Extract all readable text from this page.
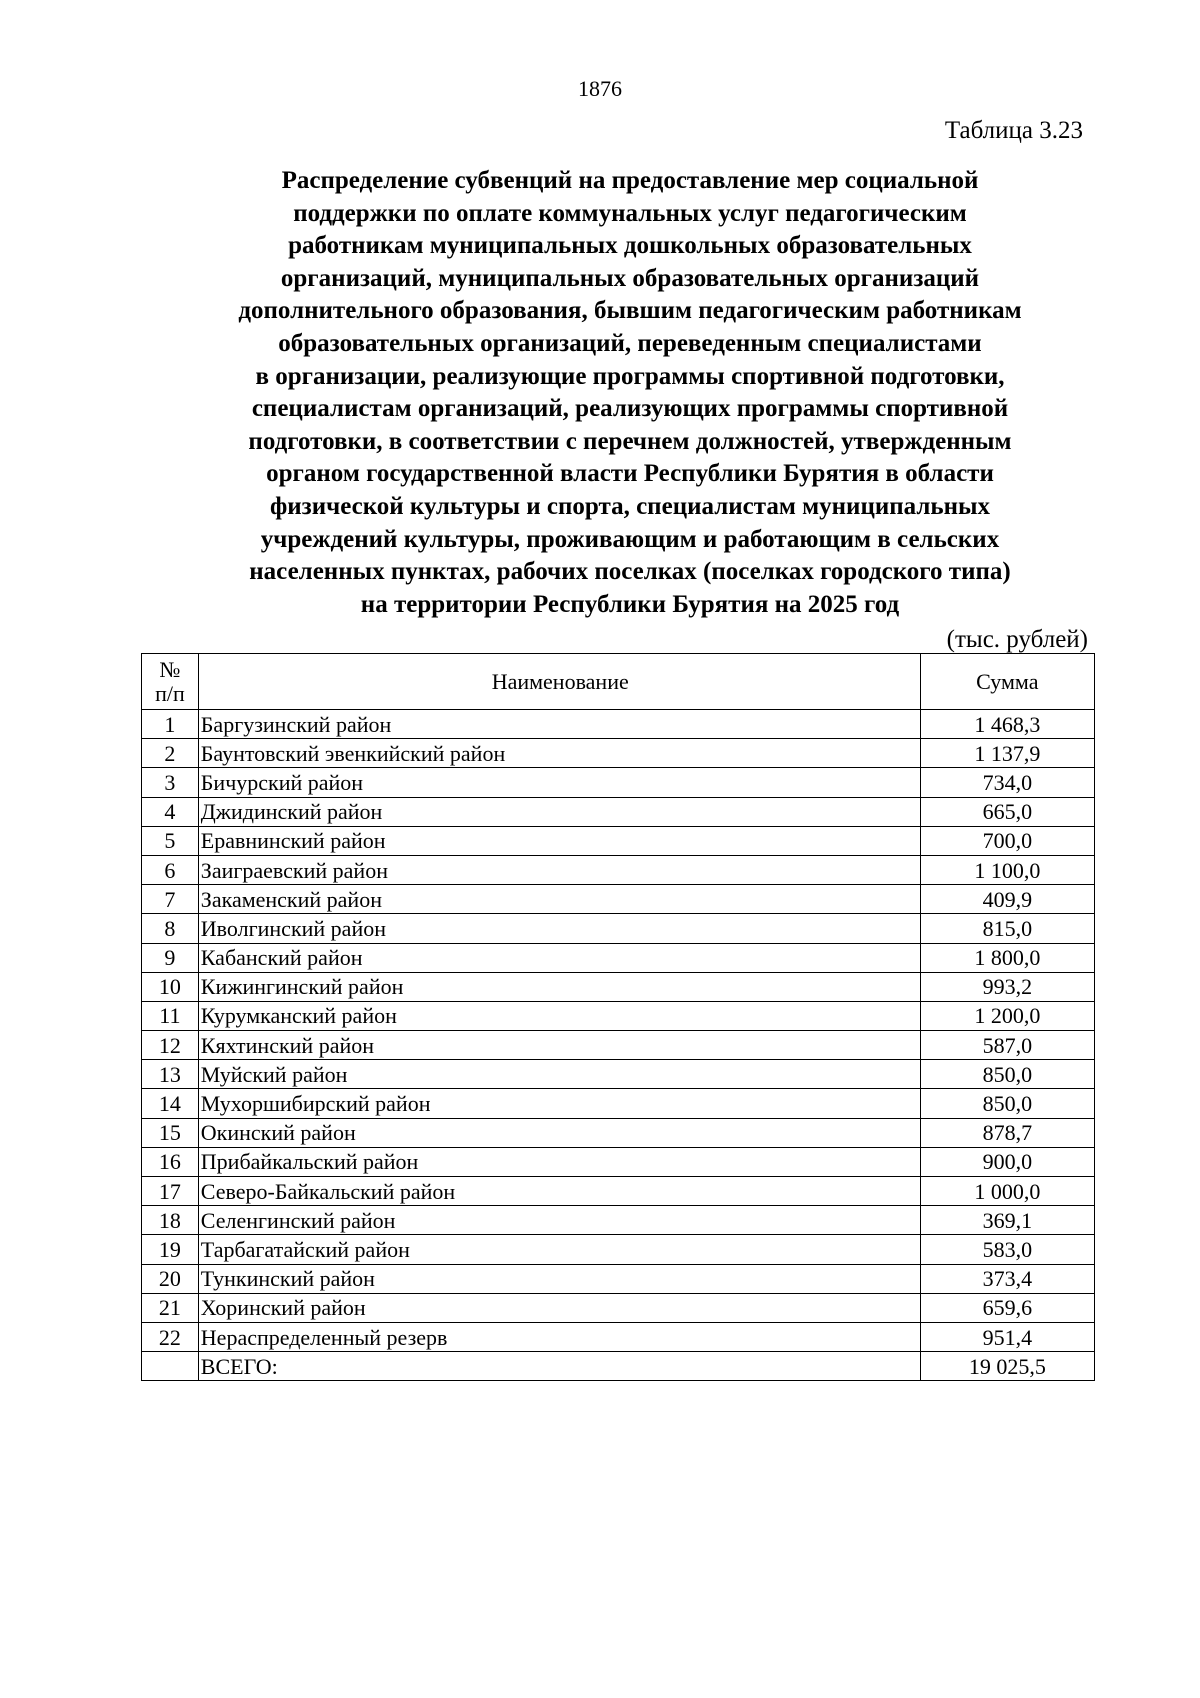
1876
Таблица 3.23
Распределение субвенций на предоставление мер социальной
поддержки по оплате коммунальных услуг педагогическим
работникам муниципальных дошкольных образовательных
организаций, муниципальных образовательных организаций
дополнительного образования, бывшим педагогическим работникам
образовательных организаций, переведенным специалистами
в организации, реализующие программы спортивной подготовки,
специалистам организаций, реализующих программы спортивной
подготовки, в соответствии с перечнем должностей, утвержденным
органом государственной власти Республики Бурятия в области
физической культуры и спорта, специалистам муниципальных
учреждений культуры, проживающим и работающим в сельских
населенных пунктах, рабочих поселках (поселках городского типа)
на территории Республики Бурятия на 2025 год
(тыс. рублей)
№
п/п	Наименование	Сумма
1	Баргузинский район	1 468,3
2	Баунтовский эвенкийский район	1 137,9
3	Бичурский район	734,0
4	Джидинский район	665,0
5	Еравнинский район	700,0
6	Заиграевский район	1 100,0
7	Закаменский район	409,9
8	Иволгинский район	815,0
9	Кабанский район	1 800,0
10	Кижингинский район	993,2
11	Курумканский район	1 200,0
12	Кяхтинский район	587,0
13	Муйский район	850,0
14	Мухоршибирский район	850,0
15	Окинский район	878,7
16	Прибайкальский район	900,0
17	Северо-Байкальский район	1 000,0
18	Селенгинский район	369,1
19	Тарбагатайский район	583,0
20	Тункинский район	373,4
21	Хоринский район	659,6
22	Нераспределенный резерв	951,4
	ВСЕГО:	19 025,5
